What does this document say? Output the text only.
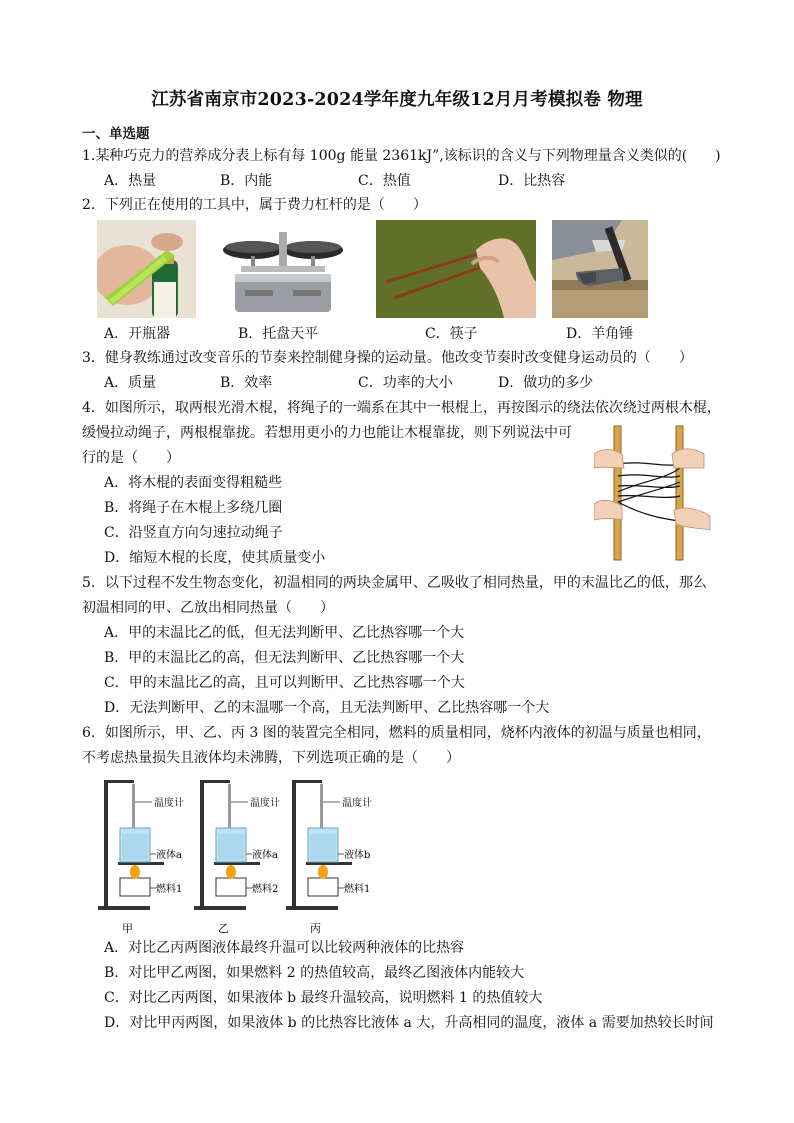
江苏省南京市2023-2024学年度九年级12月月考模拟卷 物理
一、单选题
1.某种巧克力的营养成分表上标有每 100g 能量 2361kJ”,该标识的含义与下列物理量含义类似的(　　)
A．热量	B．内能	C．热值	D．比热容
2．下列正在使用的工具中，属于费力杠杆的是（　　）
A．开瓶器	B．托盘天平	C．筷子	D．羊角锤
3．健身教练通过改变音乐的节奏来控制健身操的运动量。他改变节奏时改变健身运动员的（　　）
A．质量	B．效率	C．功率的大小	D．做功的多少
4．如图所示，取两根光滑木棍，将绳子的一端系在其中一根棍上，再按图示的绕法依次绕过两根木棍，
缓慢拉动绳子，两根棍靠拢。若想用更小的力也能让木棍靠拢，则下列说法中可
行的是（　　）
A．将木棍的表面变得粗糙些
B．将绳子在木棍上多绕几圈
C．沿竖直方向匀速拉动绳子
D．缩短木棍的长度，使其质量变小
5．以下过程不发生物态变化，初温相同的两块金属甲、乙吸收了相同热量，甲的末温比乙的低，那么
初温相同的甲、乙放出相同热量（　　）
A．甲的末温比乙的低，但无法判断甲、乙比热容哪一个大
B．甲的末温比乙的高，但无法判断甲、乙比热容哪一个大
C．甲的末温比乙的高，且可以判断甲、乙比热容哪一个大
D．无法判断甲、乙的末温哪一个高，且无法判断甲、乙比热容哪一个大
6．如图所示，甲、乙、丙 3 图的装置完全相同，燃料的质量相同，烧杯内液体的初温与质量也相同，
不考虑热量损失且液体均未沸腾，下列选项正确的是（　　）
温度计
液体a
燃料1
甲
温度计
液体a
燃料2
乙
温度计
液体b
燃料1
丙
A．对比乙丙两图液体最终升温可以比较两种液体的比热容
B．对比甲乙两图，如果燃料 2 的热值较高，最终乙图液体内能较大
C．对比乙丙两图，如果液体 b 最终升温较高，说明燃料 1 的热值较大
D．对比甲丙两图，如果液体 b 的比热容比液体 a 大，升高相同的温度，液体 a 需要加热较长时间
